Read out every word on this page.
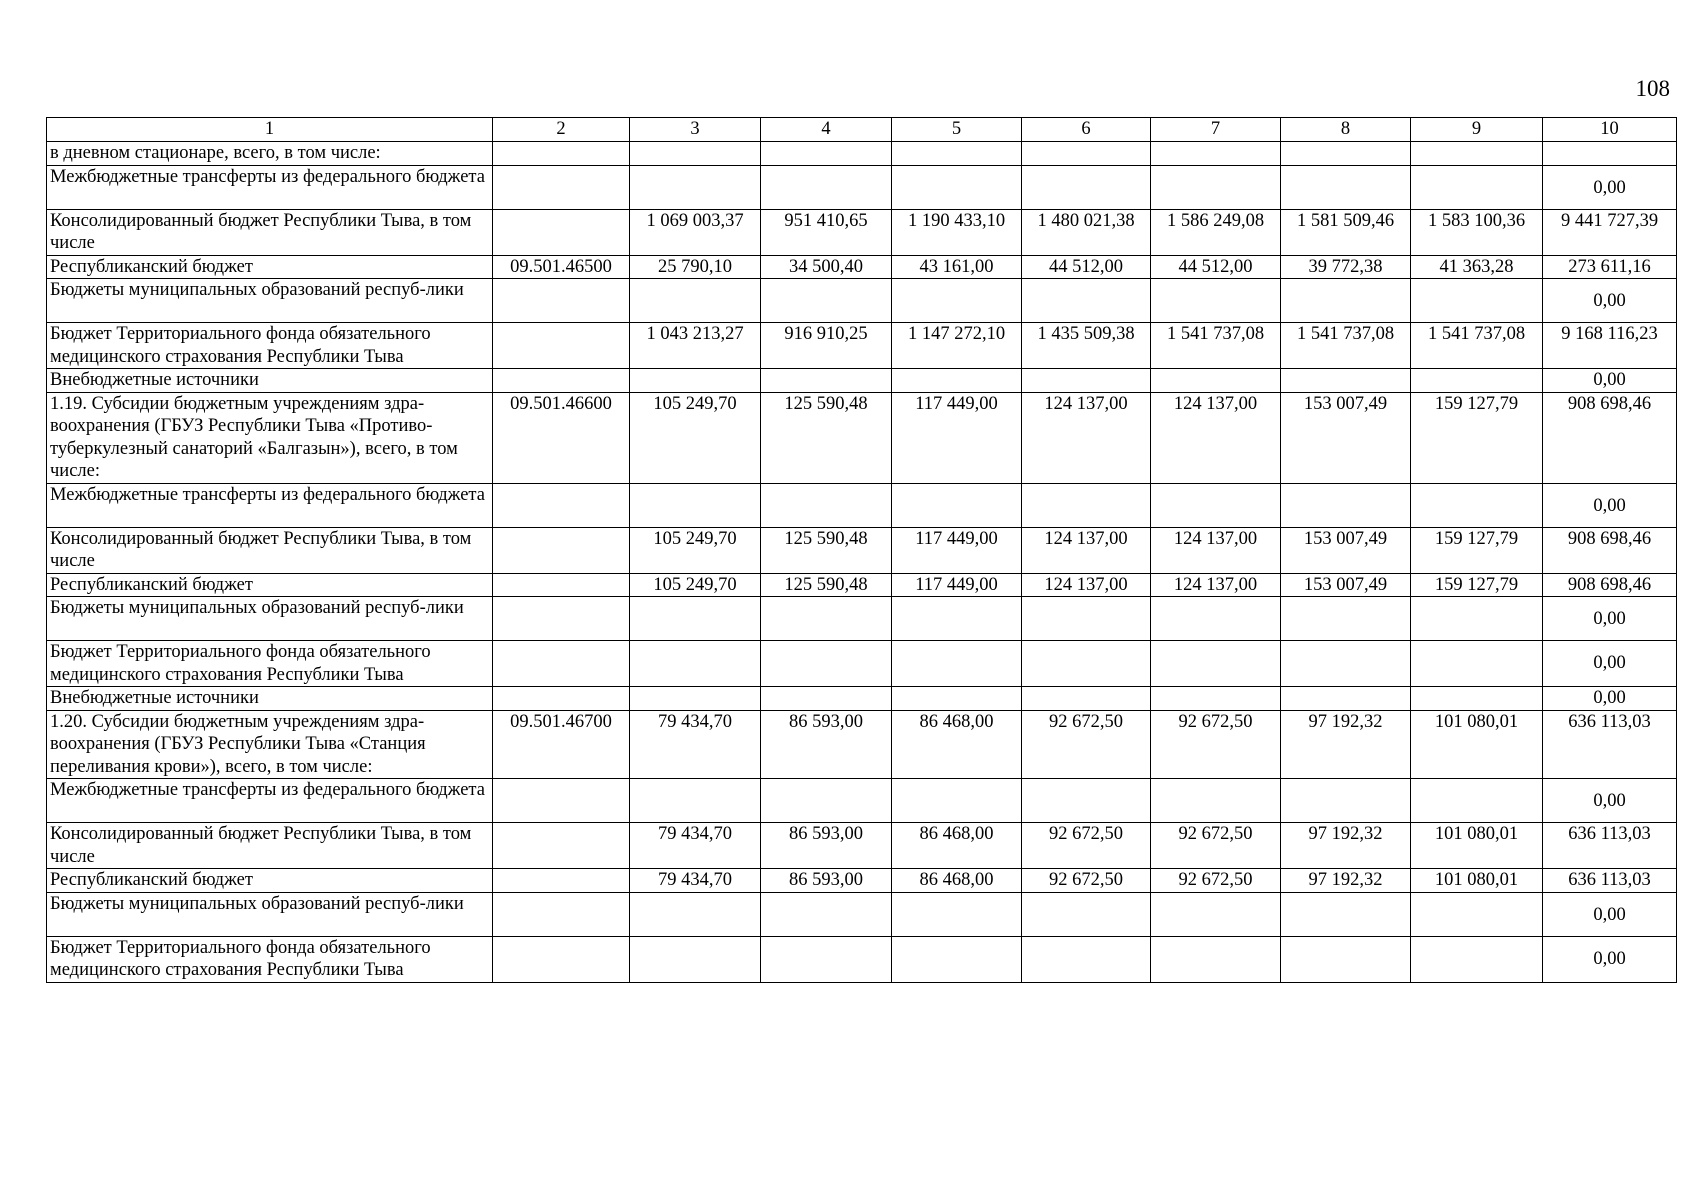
108
1	2	3	4	5	6	7	8	9	10
в дневном стационаре, всего, в том числе:									
Межбюджетные трансферты из федерального бюджета									0,00
Консолидированный бюджет Республики Тыва, в том числе		1 069 003,37	951 410,65	1 190 433,10	1 480 021,38	1 586 249,08	1 581 509,46	1 583 100,36	9 441 727,39
Республиканский бюджет	09.501.46500	25 790,10	34 500,40	43 161,00	44 512,00	44 512,00	39 772,38	41 363,28	273 611,16
Бюджеты муниципальных образований респуб-лики									0,00
Бюджет Территориального фонда обязательного медицинского страхования Республики Тыва		1 043 213,27	916 910,25	1 147 272,10	1 435 509,38	1 541 737,08	1 541 737,08	1 541 737,08	9 168 116,23
Внебюджетные источники									0,00
1.19. Субсидии бюджетным учреждениям здра-воохранения (ГБУЗ Республики Тыва «Противо-туберкулезный санаторий «Балгазын»), всего, в том числе:	09.501.46600	105 249,70	125 590,48	117 449,00	124 137,00	124 137,00	153 007,49	159 127,79	908 698,46
Межбюджетные трансферты из федерального бюджета									0,00
Консолидированный бюджет Республики Тыва, в том числе		105 249,70	125 590,48	117 449,00	124 137,00	124 137,00	153 007,49	159 127,79	908 698,46
Республиканский бюджет		105 249,70	125 590,48	117 449,00	124 137,00	124 137,00	153 007,49	159 127,79	908 698,46
Бюджеты муниципальных образований респуб-лики									0,00
Бюджет Территориального фонда обязательного медицинского страхования Республики Тыва									0,00
Внебюджетные источники									0,00
1.20. Субсидии бюджетным учреждениям здра-воохранения (ГБУЗ Республики Тыва «Станция переливания крови»), всего, в том числе:	09.501.46700	79 434,70	86 593,00	86 468,00	92 672,50	92 672,50	97 192,32	101 080,01	636 113,03
Межбюджетные трансферты из федерального бюджета									0,00
Консолидированный бюджет Республики Тыва, в том числе		79 434,70	86 593,00	86 468,00	92 672,50	92 672,50	97 192,32	101 080,01	636 113,03
Республиканский бюджет		79 434,70	86 593,00	86 468,00	92 672,50	92 672,50	97 192,32	101 080,01	636 113,03
Бюджеты муниципальных образований респуб-лики									0,00
Бюджет Территориального фонда обязательного медицинского страхования Республики Тыва									0,00
